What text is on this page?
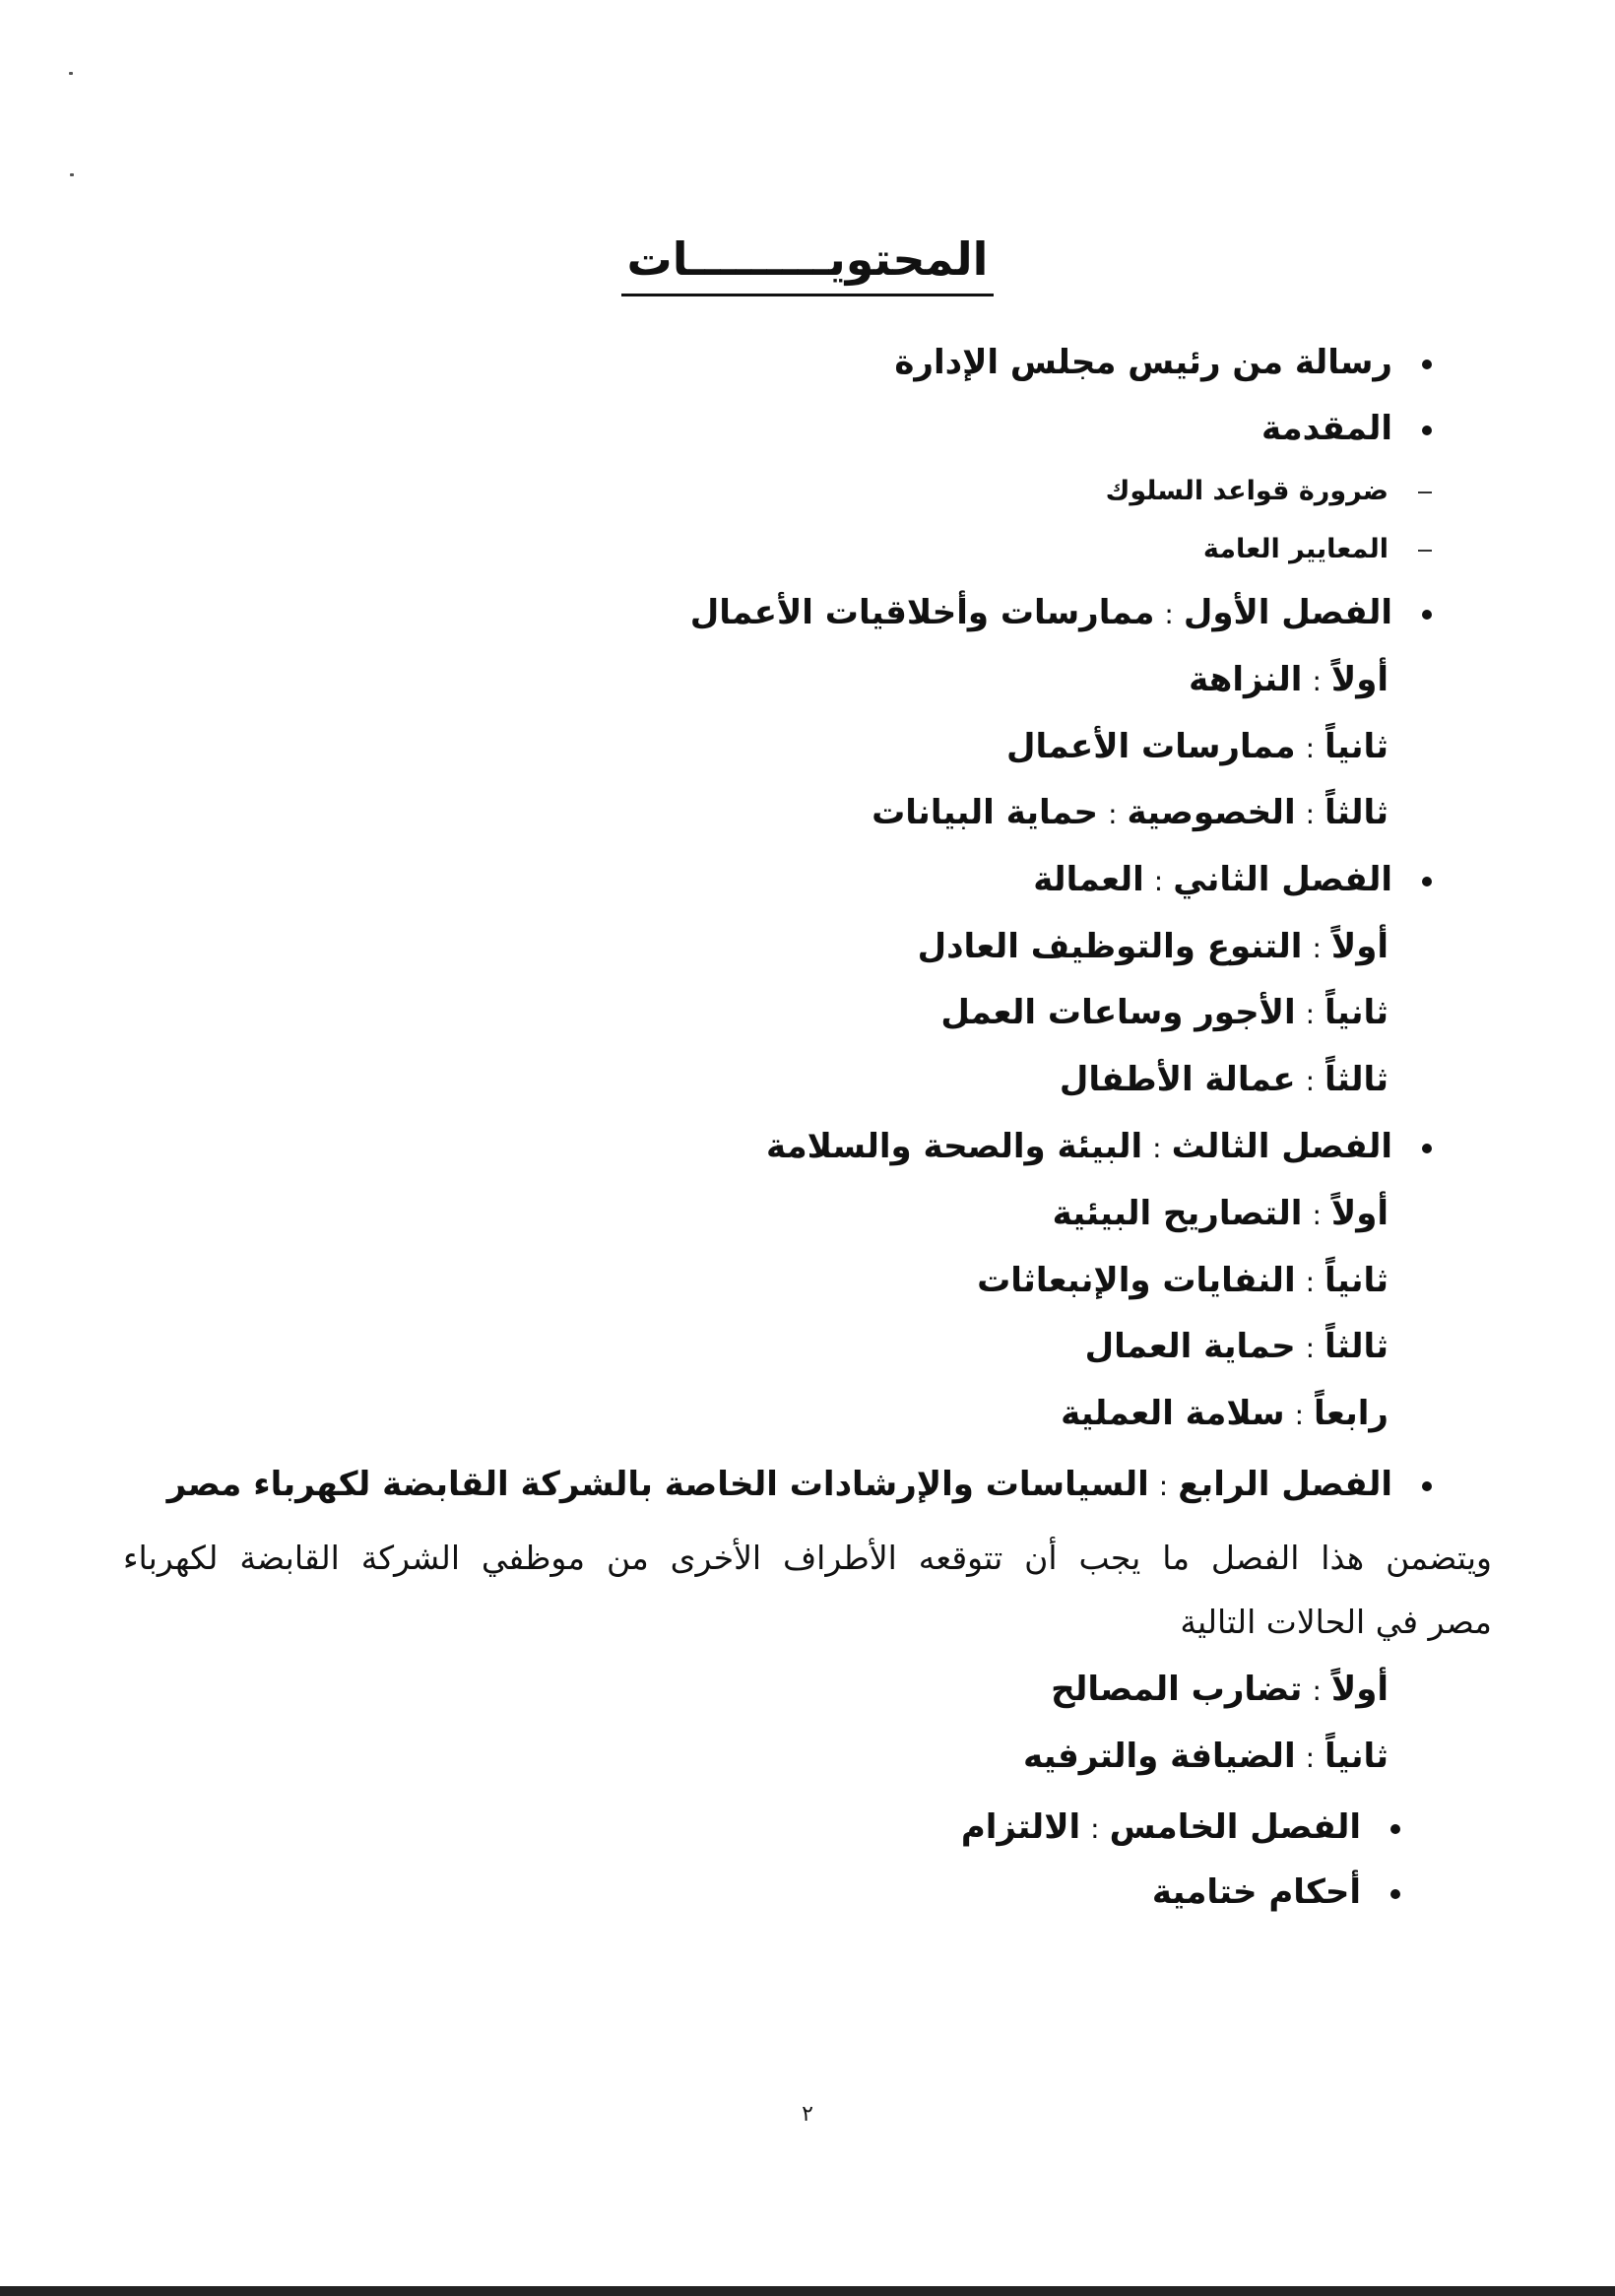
المحتويـــــــــات
رسالة من رئيس مجلس الإدارة
المقدمة
ضرورة قواعد السلوك
المعايير العامة
الفصل الأول:ممارسات وأخلاقيات الأعمال
أولاً:النزاهة
ثانياً:ممارسات الأعمال
ثالثاً:الخصوصية:حماية البيانات
الفصل الثاني:العمالة
أولاً:التنوع والتوظيف العادل
ثانياً:الأجور وساعات العمل
ثالثاً:عمالة الأطفال
الفصل الثالث:البيئة والصحة والسلامة
أولاً:التصاريح البيئية
ثانياً:النفايات والإنبعاثات
ثالثاً:حماية العمال
رابعاً:سلامة العملية
الفصل الرابع:السياسات والإرشادات الخاصة بالشركة القابضة لكهرباء مصر
ويتضمن هذا الفصل ما يجب أن تتوقعه الأطراف الأخرى من موظفي الشركة القابضة لكهرباء
مصر في الحالات التالية
أولاً:تضارب المصالح
ثانياً:الضيافة والترفيه
الفصل الخامس:الالتزام
أحكام ختامية
٢
